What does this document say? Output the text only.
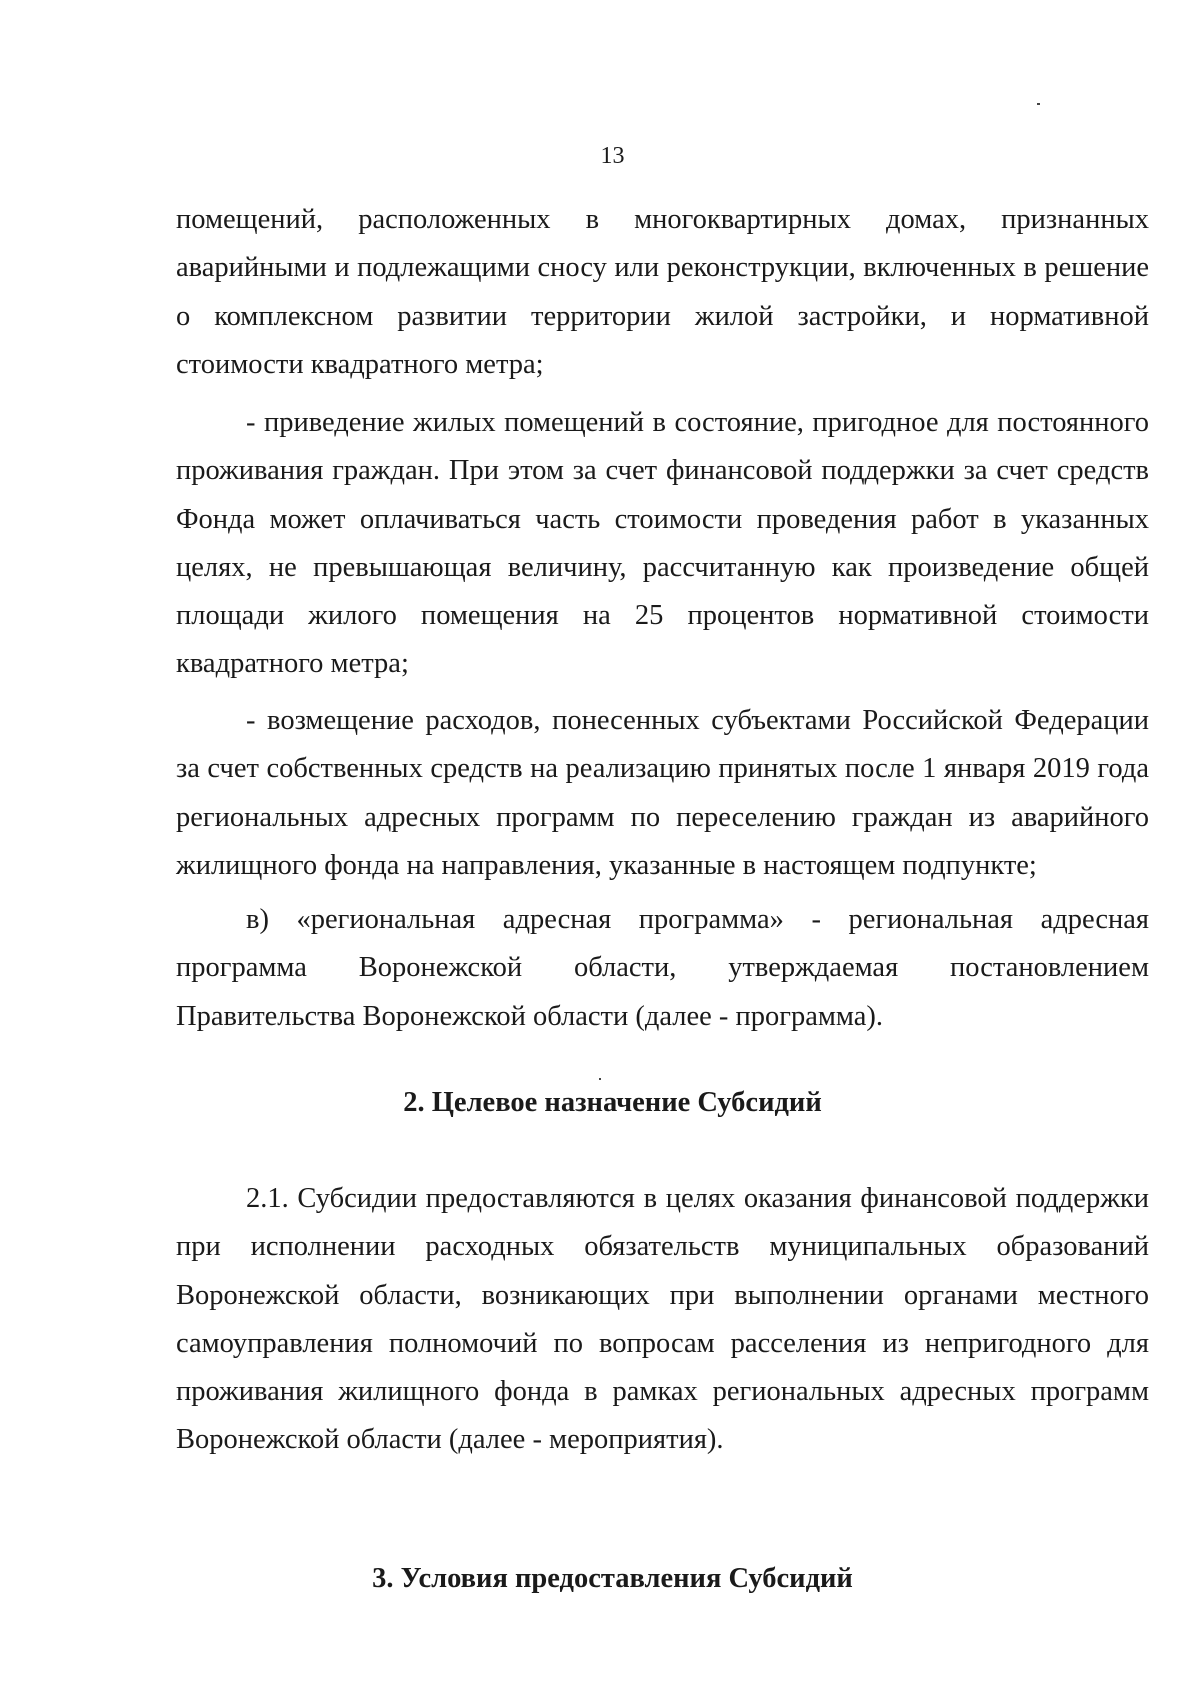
13
помещений, расположенных в многоквартирных домах, признанных
аварийными и подлежащими сносу или реконструкции, включенных в решение
о комплексном развитии территории жилой застройки, и нормативной
стоимости квадратного метра;
- приведение жилых помещений в состояние, пригодное для постоянного
проживания граждан. При этом за счет финансовой поддержки за счет средств
Фонда может оплачиваться часть стоимости проведения работ в указанных
целях, не превышающая величину, рассчитанную как произведение общей
площади жилого помещения на 25 процентов нормативной стоимости
квадратного метра;
- возмещение расходов, понесенных субъектами Российской Федерации
за счет собственных средств на реализацию принятых после 1 января 2019 года
региональных адресных программ по переселению граждан из аварийного
жилищного фонда на направления, указанные в настоящем подпункте;
в) «региональная адресная программа» - региональная адресная
программа Воронежской области, утверждаемая постановлением
Правительства Воронежской области (далее - программа).
2. Целевое назначение Субсидий
2.1. Субсидии предоставляются в целях оказания финансовой поддержки
при исполнении расходных обязательств муниципальных образований
Воронежской области, возникающих при выполнении органами местного
самоуправления полномочий по вопросам расселения из непригодного для
проживания жилищного фонда в рамках региональных адресных программ
Воронежской области (далее - мероприятия).
3. Условия предоставления Субсидий
